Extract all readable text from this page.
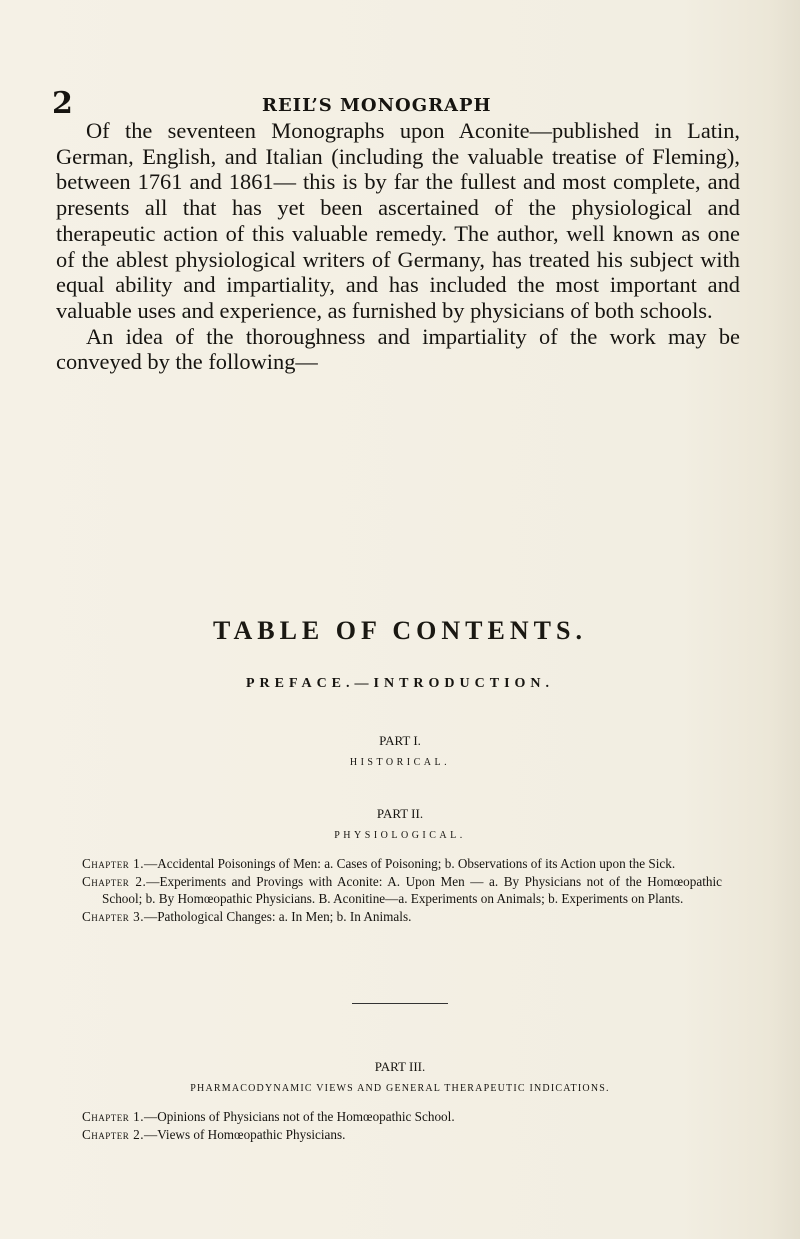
2	REIL’S MONOGRAPH

Of the seventeen Monographs upon Aconite—published in Latin, German, English, and Italian (including the valuable treatise of Fleming), between 1761 and 1861— this is by far the fullest and most complete, and presents all that has yet been ascertained of the physiological and therapeutic action of this valuable remedy. The author, well known as one of the ablest physiological writers of Germany, has treated his subject with equal ability and impartiality, and has included the most important and valuable uses and experience, as furnished by physicians of both schools.

An idea of the thoroughness and impartiality of the work may be conveyed by the following—

TABLE OF CONTENTS.
PREFACE.—INTRODUCTION.
PART I.
HISTORICAL.
PART II.
PHYSIOLOGICAL.

Chapter 1.—Accidental Poisonings of Men: a. Cases of Poisoning; b. Observations of its Action upon the Sick.

Chapter 2.—Experiments and Provings with Aconite: A. Upon Men — a. By Physicians not of the Homœopathic School; b. By Homœopathic Physicians. B. Aconitine—a. Experiments on Animals; b. Experiments on Plants.

Chapter 3.—Pathological Changes: a. In Men; b. In Animals.

PART III.
PHARMACODYNAMIC VIEWS AND GENERAL THERAPEUTIC INDICATIONS.

Chapter 1.—Opinions of Physicians not of the Homœopathic School.

Chapter 2.—Views of Homœopathic Physicians.
